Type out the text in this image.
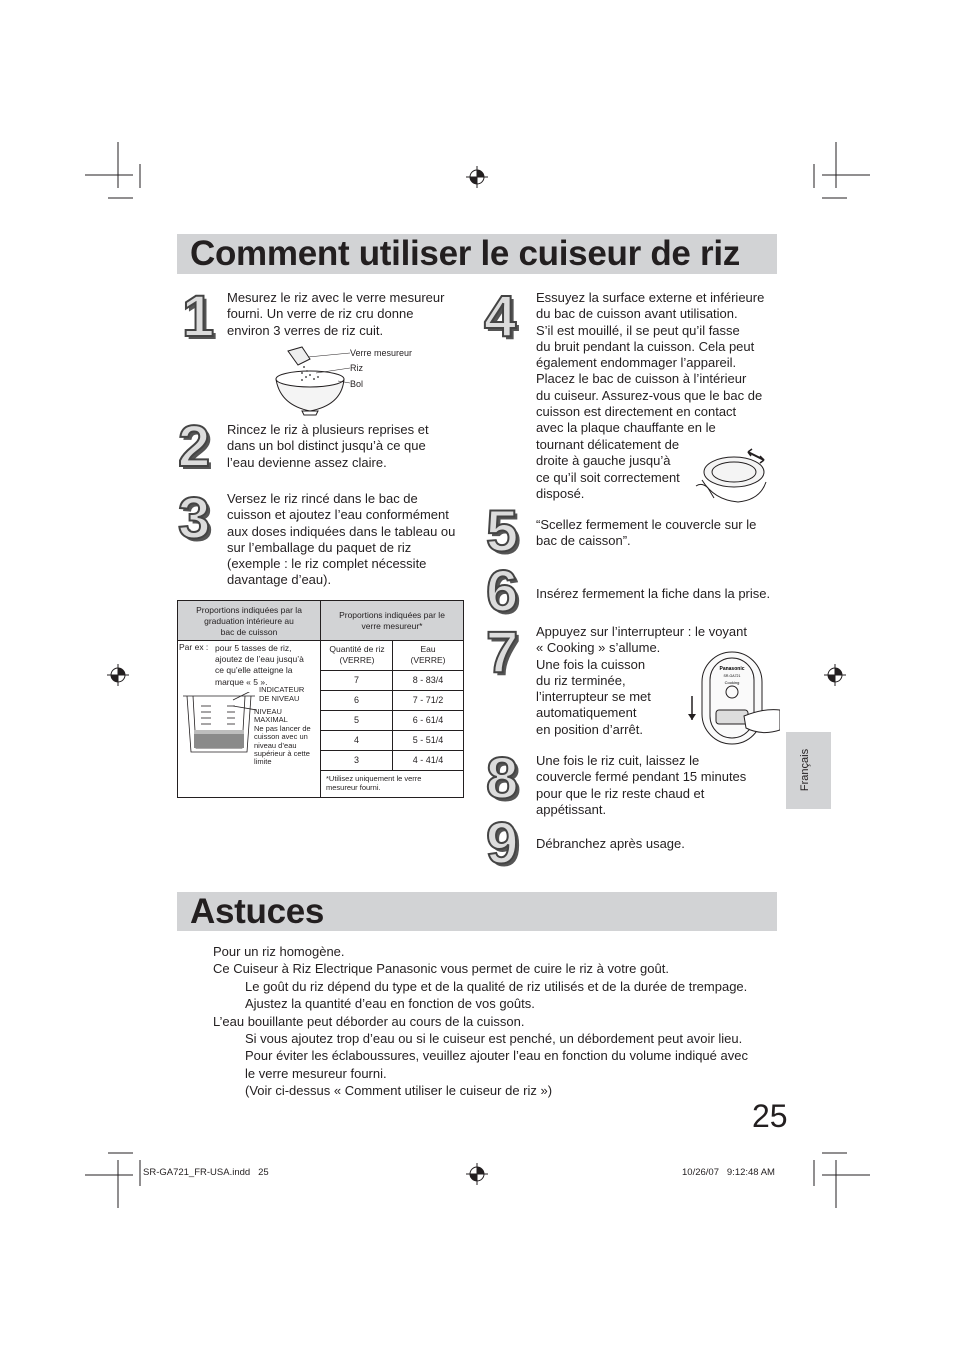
Comment utiliser le cuiseur de riz
1
2
3
4
5
6
7
8
9
Mesurez le riz avec le verre mesureur
fourni. Un verre de riz cru donne
environ 3 verres de riz cuit.
Rincez le riz à plusieurs reprises et
dans un bol distinct jusqu’à ce que
l’eau devienne assez claire.
Versez le riz rincé dans le bac de
cuisson et ajoutez l’eau conformément
aux doses indiquées dans le tableau ou
sur l’emballage du paquet de riz
(exemple : le riz complet nécessite
davantage d’eau).
Essuyez la surface externe et inférieure
du bac de cuisson avant utilisation.
S’il est mouillé, il se peut qu’il fasse
du bruit pendant la cuisson. Cela peut
également endommager l’appareil.
Placez le bac de cuisson à l’intérieur
du cuiseur. Assurez-vous que le bac de
cuisson est directement en contact
avec la plaque chauffante en le
tournant délicatement de
droite à gauche jusqu’à
ce qu’il soit correctement
disposé.
“Scellez fermement le couvercle sur le
bac de caisson”.
Insérez fermement la fiche dans la prise.
Appuyez sur l’interrupteur : le voyant
« Cooking » s’allume.
Une fois la cuisson
du riz terminée,
l’interrupteur se met
automatiquement
en position d’arrêt.
Une fois le riz cuit, laissez le
couvercle fermé pendant 15 minutes
pour que le riz reste chaud et
appétissant.
Débranchez après usage.
Verre mesureur
Riz
Bol
Panasonic
SR-GA721
Cooking
Proportions indiquées par la
graduation intérieure au
bac de cuisson
Proportions indiquées par le
verre mesureur*
Quantité de riz
(VERRE)
Eau
(VERRE)
7	8 - 83/4
6	7 - 71/2
5	6 - 61/4
4	5 - 51/4
3	4 - 41/4
*Utilisez uniquement le verre
mesureur fourni.
Par ex : pour 5 tasses de riz,
ajoutez de l’eau jusqu’à
ce qu’elle atteigne la
marque « 5 ».
INDICATEUR
DE NIVEAU
NIVEAU
MAXIMAL
Ne pas lancer de
cuisson avec un
niveau d’eau
supérieur à cette
limite	Français
Astuces
Pour un riz homogène.
Ce Cuiseur à Riz Electrique Panasonic vous permet de cuire le riz à votre goût.
Le goût du riz dépend du type et de la qualité de riz utilisés et de la durée de trempage.
Ajustez la quantité d’eau en fonction de vos goûts.
L’eau bouillante peut déborder au cours de la cuisson.
Si vous ajoutez trop d’eau ou si le cuiseur est penché, un débordement peut avoir lieu.
Pour éviter les éclaboussures, veuillez ajouter l’eau en fonction du volume indiqué avec
le verre mesureur fourni.
(Voir ci-dessus « Comment utiliser le cuiseur de riz »)
25
SR-GA721_FR-USA.indd   25	10/26/07   9:12:48 AM
